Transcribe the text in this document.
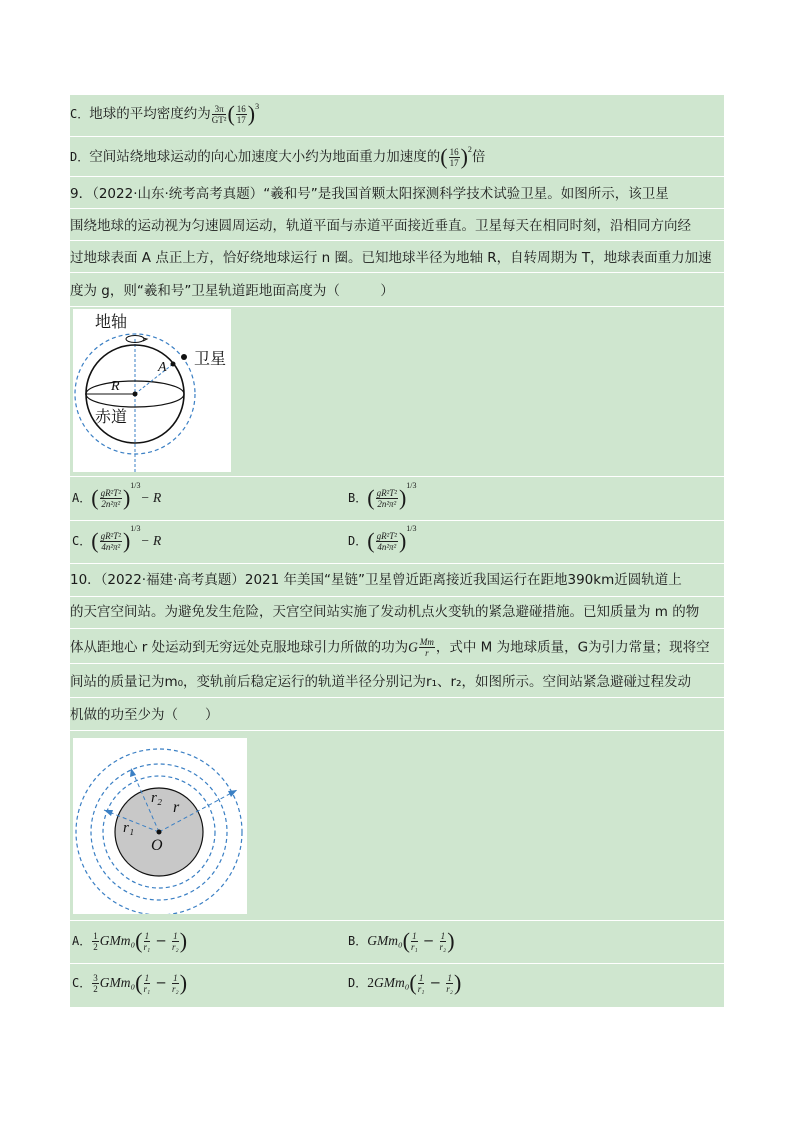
C．地球的平均密度约为 $\frac{3\pi}{\text{GT²}}$ ( $\frac{16}{17} )^3$
D．空间站绕地球运动的向心加速度大小约为地面重力加速度的( $\frac{16}{17} )^2$倍
9．（2022·山东·统考高考真题）“羲和号”是我国首颗太阳探测科学技术试验卫星。如图所示，该卫星
围绕地球的运动视为匀速圆周运动，轨道平面与赤道平面接近垂直。卫星每天在相同时刻，沿相同方向经
过地球表面 A 点正上方，恰好绕地球运行 n 圈。已知地球半径为地轴 R，自转周期为 T，地球表面重力加速
度为 g，则“羲和号”卫星轨道距地面高度为（　　　）
地轴
卫星
A
R
赤道
A．( $\frac{\text{gR²T²}}{\text{2n²π²}} )^{1/3}- R$	B．( $\frac{\text{gR²T²}}{\text{2n²π²}} )^{1/3}$
C．( $\frac{\text{gR²T²}}{\text{4n²π²}} )^{1/3}- R$	D．( $\frac{\text{gR²T²}}{\text{4n²π²}} )^{1/3}$
10．（2022·福建·高考真题）2021 年美国“星链”卫星曾近距离接近我国运行在距地390km近圆轨道上
的天宫空间站。为避免发生危险，天宫空间站实施了发动机点火变轨的紧急避碰措施。已知质量为 m 的物
体从距地心 r 处运动到无穷远处克服地球引力所做的功为G $\frac{Mm}{r}$ ，式中 M 为地球质量，G为引力常量；现将空
间站的质量记为m₀，变轨前后稳定运行的轨道半径分别记为r₁、r₂，如图所示。空间站紧急避碰过程发动
机做的功至少为（　　）
r₂
r
r₁
O
A． $\frac{1}{2} GMm_0( \frac{1}{\text{r₁}} - \frac{1}{\text{r₂}}$ )	B．$GMm_0( \frac{1}{\text{r₁}} - \frac{1}{\text{r₂}}$ )
C． $\frac{3}{2} GMm_0( \frac{1}{\text{r₁}} - \frac{1}{\text{r₂}}$ )	D．$2GMm_0( \frac{1}{\text{r₁}} - \frac{1}{\text{r₂}}$ )
